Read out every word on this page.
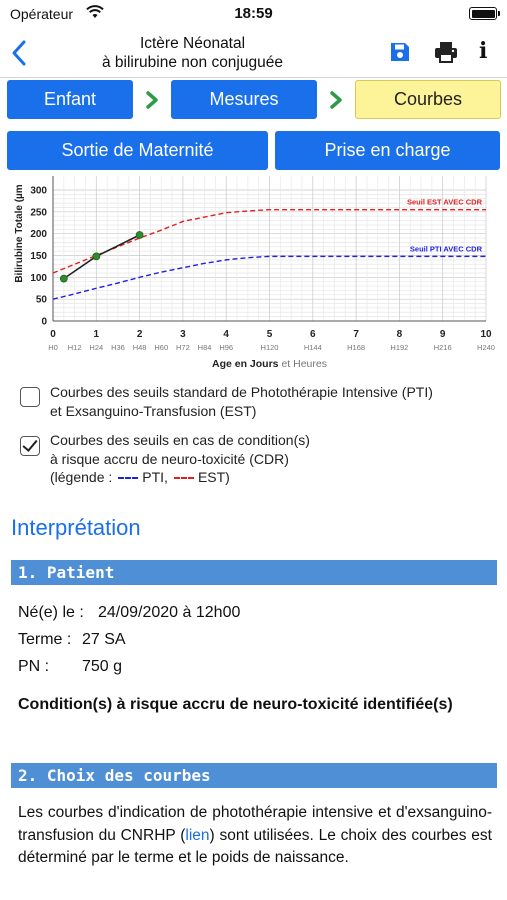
Opérateur	18:59
Ictère Néonatal
à bilirubine non conjuguée	i
Enfant	Mesures	Courbes
Sortie de Maternité	Prise en charge
0
50
100
150
200
250
300
Bilirubine Totale (µm
0	1	2	3	4	5	6	7	8	9	10
H0 H12 H24 H36 H48 H60 H72 H84 H96	H120	H144	H168	H192	H216	H240
Age en Jours et Heures
Seuil EST AVEC CDR
Seuil PTI AVEC CDR
Courbes des seuils standard de Photothérapie Intensive (PTI)
et Exsanguino-Transfusion (EST)
Courbes des seuils en cas de condition(s)
à risque accru de neuro-toxicité (CDR)
(légende : PTI, EST)
Interprétation
1. Patient
Né(e) le : 24/09/2020 à 12h00
Terme : 27 SA
PN : 750 g
Condition(s) à risque accru de neuro-toxicité identifiée(s)
2. Choix des courbes
Les courbes d'indication de photothérapie intensive et d'exsanguino-transfusion du CNRHP (lien) sont utilisées. Le choix des courbes est déterminé par le terme et le poids de naissance.
